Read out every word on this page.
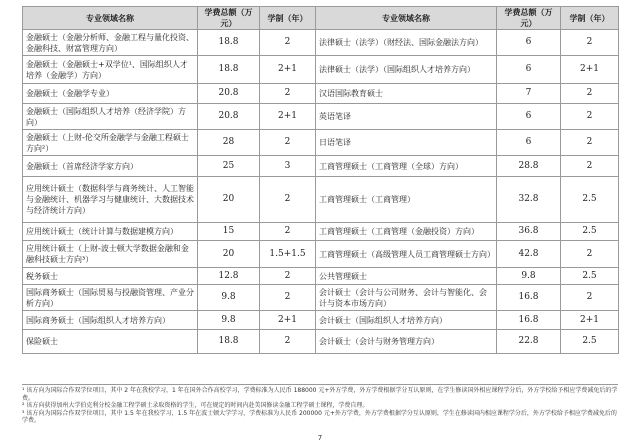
专业领域名称	学费总额（万元）	学制（年）	专业领域名称	学费总额（万元）	学制（年）
金融硕士（金融分析师、金融工程与量化投资、金融科技、财富管理方向）	18.8	2	法律硕士（法学）（财经法、国际金融法方向）	6	2
金融硕士（金融硕士+双学位¹、国际组织人才培养（金融学）方向）	18.8	2+1	法律硕士（法学）（国际组织人才培养方向）	6	2+1
金融硕士（金融学专业）	20.8	2	汉语国际教育硕士	7	2
金融硕士（国际组织人才培养（经济学院）方向）	20.8	2+1	英语笔译	6	2
金融硕士（上财-伦交所金融学与金融工程硕士方向²）	28	2	日语笔译	6	2
金融硕士（首席经济学家方向）	25	3	工商管理硕士（工商管理（全球）方向）	28.8	2
应用统计硕士（数据科学与商务统计、人工智能与金融统计、机器学习与健康统计、大数据技术与经济统计方向）	20	2	工商管理硕士（工商管理）	32.8	2.5
应用统计硕士（统计计算与数据建模方向）	15	2	工商管理硕士（工商管理（金融投资）方向）	36.8	2.5
应用统计硕士（上财-波士顿大学数据金融和金融科技硕士方向³）	20	1.5+1.5	工商管理硕士（高级管理人员工商管理硕士方向）	42.8	2
税务硕士	12.8	2	公共管理硕士	9.8	2.5
国际商务硕士（国际贸易与投融资管理、产业分析方向）	9.8	2	会计硕士（会计与公司财务、会计与智能化、会计与资本市场方向）	16.8	2
国际商务硕士（国际组织人才培养方向）	9.8	2+1	会计硕士（国际组织人才培养方向）	16.8	2+1
保险硕士	18.8	2	会计硕士（会计与财务管理方向）	22.8	2.5

¹ 该方向为国际合作双学位项目，其中 2 年在我校学习，1 年在国外合作高校学习，学费标准为人民币 188000 元+外方学费，外方学费根据学分互认原则，在学生修读国外相应课程学分后，外方学校给予相应学费减免后的学费。

² 该方向获得加州大学伯克利分校金融工程学硕士录取资格的学生，可在规定的时间内赴美国修读金融工程学硕士课程，学费自理。

³ 该方向为国际合作双学位项目，其中 1.5 年在我校学习，1.5 年在波士顿大学学习，学费标准为人民币 200000 元+外方学费，外方学费根据学分互认原则，学生在修读国内相应课程学分后，外方学校给予相应学费减免后的学费。

7
